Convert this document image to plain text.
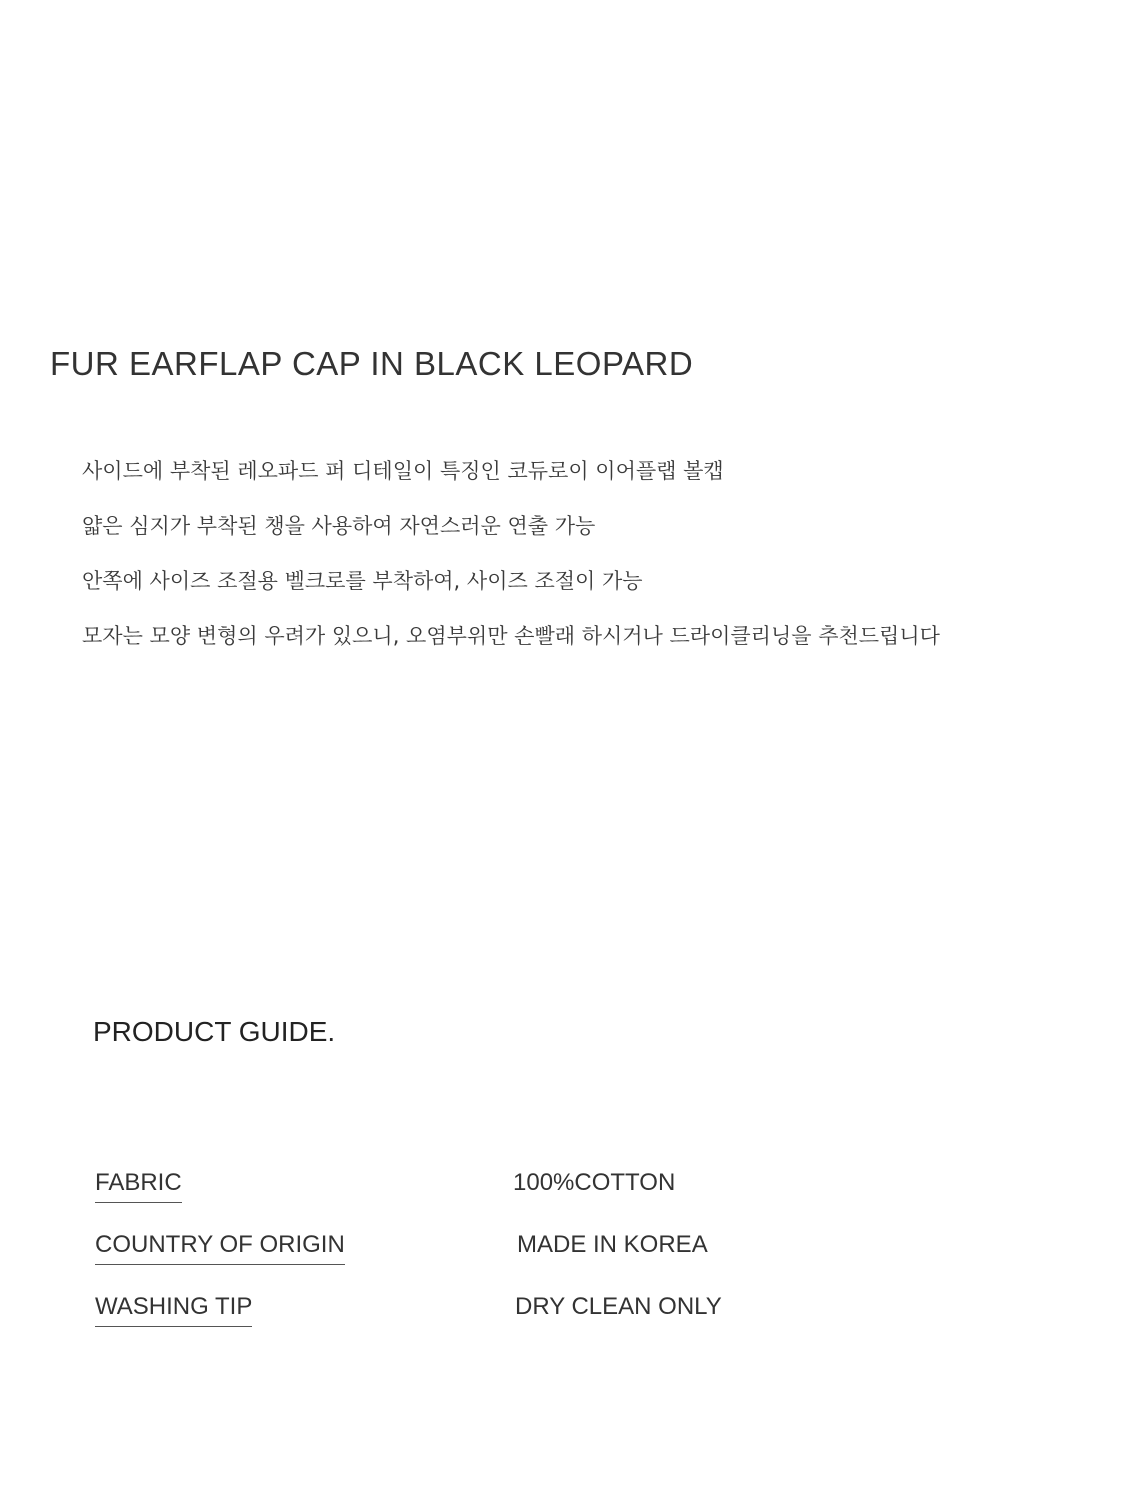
FUR EARFLAP CAP IN BLACK LEOPARD
사이드에 부착된 레오파드 퍼 디테일이 특징인 코듀로이 이어플랩 볼캡
얇은 심지가 부착된 챙을 사용하여 자연스러운 연출 가능
안쪽에 사이즈 조절용 벨크로를 부착하여, 사이즈 조절이 가능
모자는 모양 변형의 우려가 있으니, 오염부위만 손빨래 하시거나 드라이클리닝을 추천드립니다
PRODUCT GUIDE.
FABRIC	100%COTTON
COUNTRY OF ORIGIN	MADE IN KOREA
WASHING TIP	DRY CLEAN ONLY
